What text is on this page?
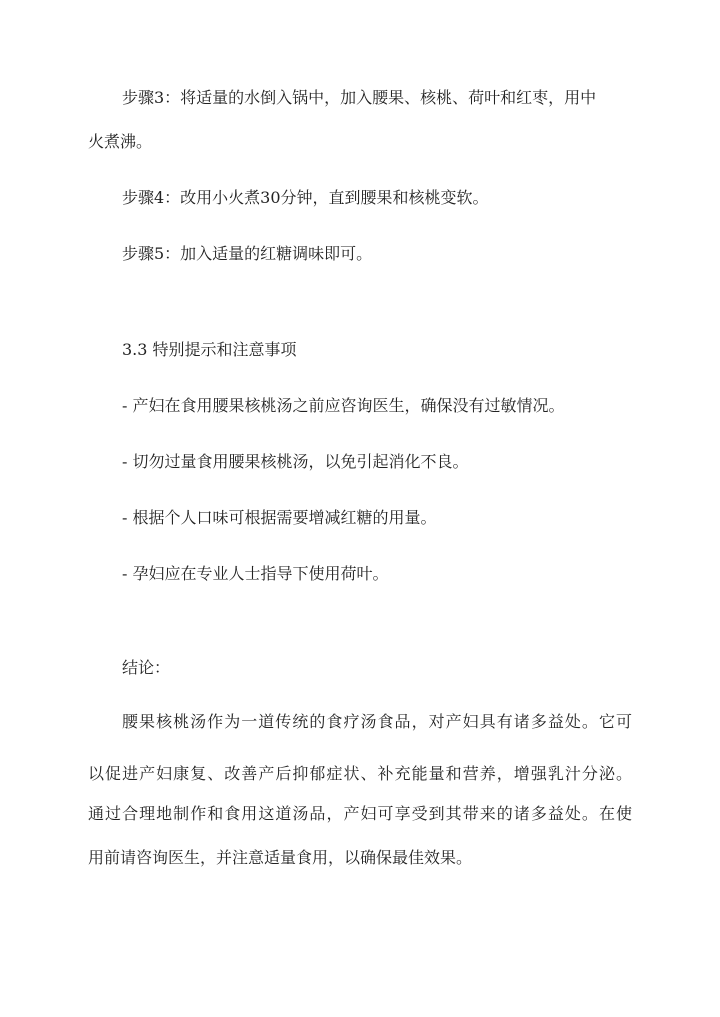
步骤3：将适量的水倒入锅中，加入腰果、核桃、荷叶和红枣，用中
火煮沸。
步骤4：改用小火煮30分钟，直到腰果和核桃变软。
步骤5：加入适量的红糖调味即可。
3.3 特别提示和注意事项
- 产妇在食用腰果核桃汤之前应咨询医生，确保没有过敏情况。
- 切勿过量食用腰果核桃汤，以免引起消化不良。
- 根据个人口味可根据需要增减红糖的用量。
- 孕妇应在专业人士指导下使用荷叶。
结论：
腰果核桃汤作为一道传统的食疗汤食品，对产妇具有诸多益处。它可
以促进产妇康复、改善产后抑郁症状、补充能量和营养，增强乳汁分泌。
通过合理地制作和食用这道汤品，产妇可享受到其带来的诸多益处。在使
用前请咨询医生，并注意适量食用，以确保最佳效果。
